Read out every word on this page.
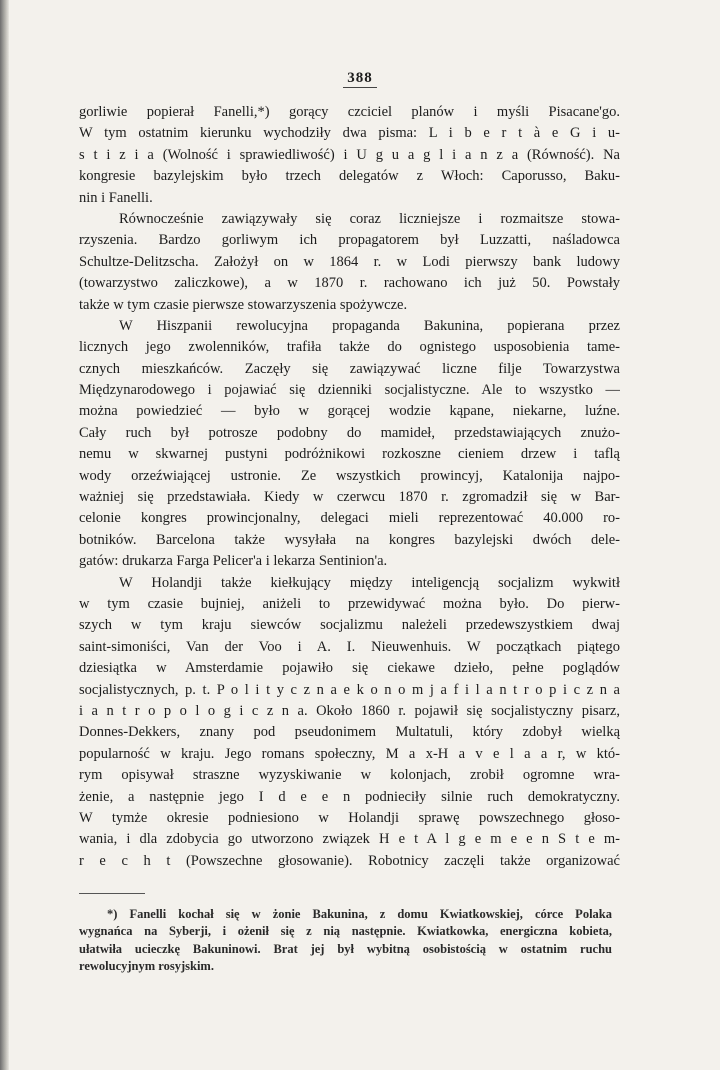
388
gorliwie popierał Fanelli,*) gorący czciciel planów i myśli Pisacane'go.
W tym ostatnim kierunku wychodziły dwa pisma: L i b e r t à e G i u-
s t i z i a (Wolność i sprawiedliwość) i U g u a g l i a n z a (Równość). Na
kongresie bazylejskim było trzech delegatów z Włoch: Caporusso, Baku-
nin i Fanelli.
Równocześnie zawiązywały się coraz liczniejsze i rozmaitsze stowa-
rzyszenia. Bardzo gorliwym ich propagatorem był Luzzatti, naśladowca
Schultze-Delitzscha. Założył on w 1864 r. w Lodi pierwszy bank ludowy
(towarzystwo zaliczkowe), a w 1870 r. rachowano ich już 50. Powstały
także w tym czasie pierwsze stowarzyszenia spożywcze.
W Hiszpanii rewolucyjna propaganda Bakunina, popierana przez
licznych jego zwolenników, trafiła także do ognistego usposobienia tame-
cznych mieszkańców. Zaczęły się zawiązywać liczne filje Towarzystwa
Międzynarodowego i pojawiać się dzienniki socjalistyczne. Ale to wszystko —
można powiedzieć — było w gorącej wodzie kąpane, niekarne, luźne.
Cały ruch był potrosze podobny do mamideł, przedstawiających znużo-
nemu w skwarnej pustyni podróżnikowi rozkoszne cieniem drzew i taflą
wody orzeźwiającej ustronie. Ze wszystkich prowincyj, Katalonija najpo-
ważniej się przedstawiała. Kiedy w czerwcu 1870 r. zgromadził się w Bar-
celonie kongres prowincjonalny, delegaci mieli reprezentować 40.000 ro-
botników. Barcelona także wysyłała na kongres bazylejski dwóch dele-
gatów: drukarza Farga Pelicer'a i lekarza Sentinion'a.
W Holandji także kiełkujący między inteligencją socjalizm wykwitł
w tym czasie bujniej, aniżeli to przewidywać można było. Do pierw-
szych w tym kraju siewców socjalizmu należeli przedewszystkiem dwaj
saint-simoniści, Van der Voo i A. I. Nieuwenhuis. W początkach piątego
dziesiątka w Amsterdamie pojawiło się ciekawe dzieło, pełne poglądów
socjalistycznych, p. t. P o l i t y c z n a e k o n o m j a f i l a n t r o p i c z n a
i a n t r o p o l o g i c z n a. Około 1860 r. pojawił się socjalistyczny pisarz,
Donnes-Dekkers, znany pod pseudonimem Multatuli, który zdobył wielką
popularność w kraju. Jego romans społeczny, M a x-H a v e l a a r, w któ-
rym opisywał straszne wyzyskiwanie w kolonjach, zrobił ogromne wra-
żenie, a następnie jego I d e e n podnieciły silnie ruch demokratyczny.
W tymże okresie podniesiono w Holandji sprawę powszechnego głoso-
wania, i dla zdobycia go utworzono związek H e t A l g e m e e n S t e m-
r e c h t (Powszechne głosowanie). Robotnicy zaczęli także organizować
*) Fanelli kochał się w żonie Bakunina, z domu Kwiatkowskiej, córce Polaka
wygnańca na Syberji, i ożenił się z nią następnie. Kwiatkowka, energiczna kobieta,
ułatwiła ucieczkę Bakuninowi. Brat jej był wybitną osobistością w ostatnim ruchu
rewolucyjnym rosyjskim.
